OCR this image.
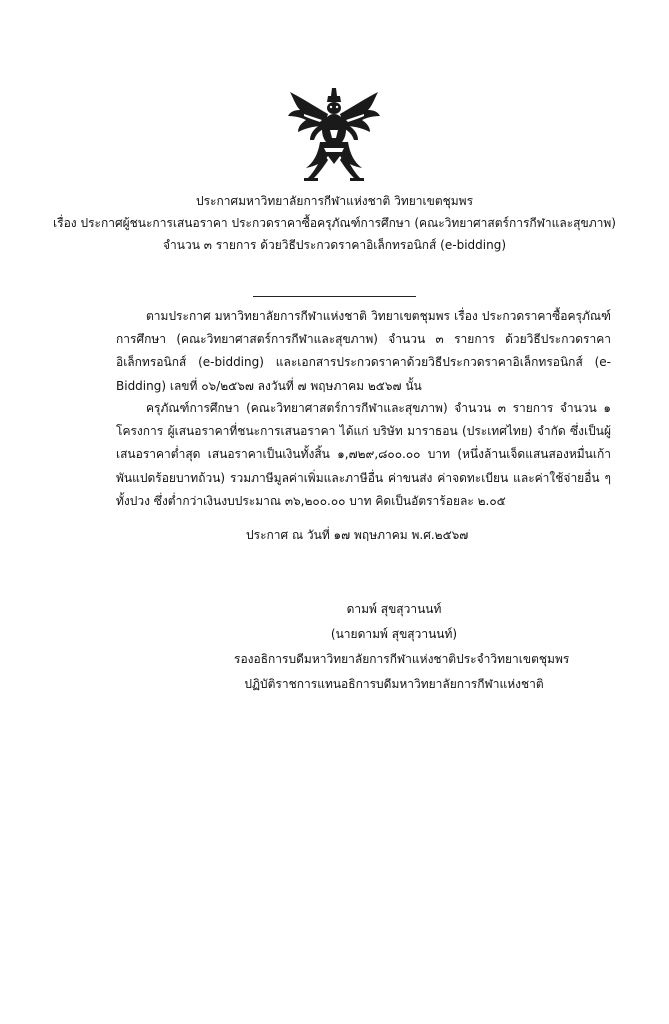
ประกาศมหาวิทยาลัยการกีฬาแห่งชาติ วิทยาเขตชุมพร
เรื่อง ประกาศผู้ชนะการเสนอราคา ประกวดราคาซื้อครุภัณฑ์การศึกษา (คณะวิทยาศาสตร์การกีฬาและสุขภาพ)
จำนวน ๓ รายการ ด้วยวิธีประกวดราคาอิเล็กทรอนิกส์ (e-bidding)

ตามประกาศ มหาวิทยาลัยการกีฬาแห่งชาติ วิทยาเขตชุมพร เรื่อง ประกวดราคาซื้อครุภัณฑ์การศึกษา (คณะวิทยาศาสตร์การกีฬาและสุขภาพ) จำนวน ๓ รายการ ด้วยวิธีประกวดราคาอิเล็กทรอนิกส์ (e-bidding) และเอกสารประกวดราคาด้วยวิธีประกวดราคาอิเล็กทรอนิกส์ (e-Bidding) เลขที่ ๐๖/๒๕๖๗ ลงวันที่ ๗ พฤษภาคม ๒๕๖๗ นั้น

ครุภัณฑ์การศึกษา (คณะวิทยาศาสตร์การกีฬาและสุขภาพ) จำนวน ๓ รายการ จำนวน ๑ โครงการ ผู้เสนอราคาที่ชนะการเสนอราคา ได้แก่ บริษัท มาราธอน (ประเทศไทย) จำกัด ซึ่งเป็นผู้เสนอราคาต่ำสุด เสนอราคาเป็นเงินทั้งสิ้น ๑,๗๒๙,๘๐๐.๐๐ บาท (หนึ่งล้านเจ็ดแสนสองหมื่นเก้าพันแปดร้อยบาทถ้วน) รวมภาษีมูลค่าเพิ่มและภาษีอื่น ค่าขนส่ง ค่าจดทะเบียน และค่าใช้จ่ายอื่น ๆ ทั้งปวง ซึ่งต่ำกว่าเงินงบประมาณ ๓๖,๒๐๐.๐๐ บาท คิดเป็นอัตราร้อยละ ๒.๐๕

ประกาศ ณ วันที่ ๑๗ พฤษภาคม พ.ศ.๒๕๖๗
ดามพ์ สุขสุวานนท์
(นายดามพ์ สุขสุวานนท์)
รองอธิการบดีมหาวิทยาลัยการกีฬาแห่งชาติประจำวิทยาเขตชุมพร
ปฏิบัติราชการแทนอธิการบดีมหาวิทยาลัยการกีฬาแห่งชาติ
